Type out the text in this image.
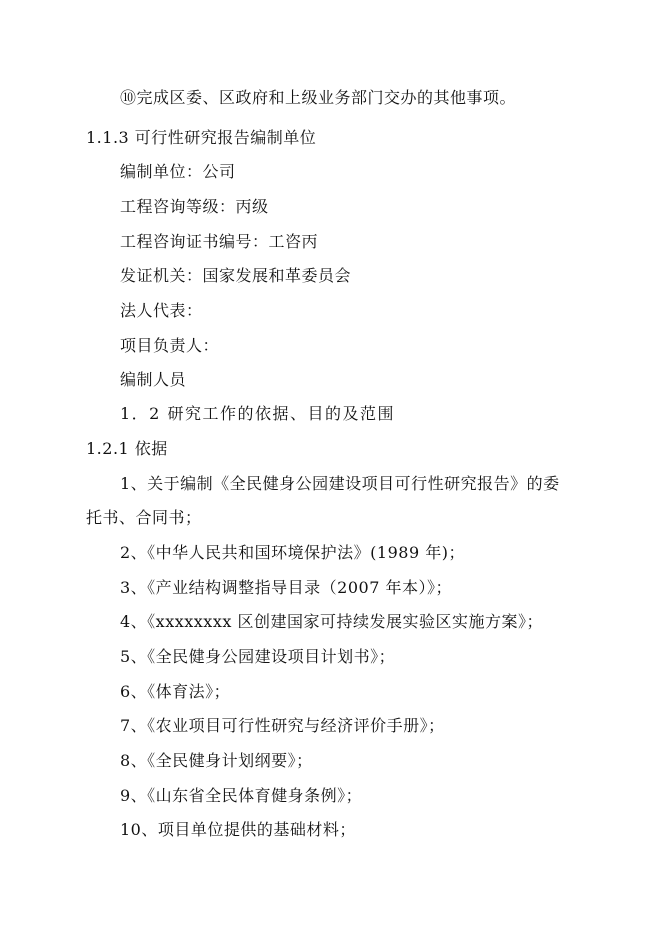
⑩完成区委、区政府和上级业务部门交办的其他事项。
1.1.3 可行性研究报告编制单位
编制单位：公司
工程咨询等级：丙级
工程咨询证书编号：工咨丙
发证机关：国家发展和革委员会
法人代表：
项目负责人：
编制人员
1．2 研究工作的依据、目的及范围
1.2.1 依据
1、关于编制《全民健身公园建设项目可行性研究报告》的委
托书、合同书；
2、《中华人民共和国环境保护法》(1989 年)；
3、《产业结构调整指导目录（2007 年本）》；
4、《xxxxxxxx 区创建国家可持续发展实验区实施方案》；
5、《全民健身公园建设项目计划书》；
6、《体育法》；
7、《农业项目可行性研究与经济评价手册》；
8、《全民健身计划纲要》；
9、《山东省全民体育健身条例》；
10、项目单位提供的基础材料；
